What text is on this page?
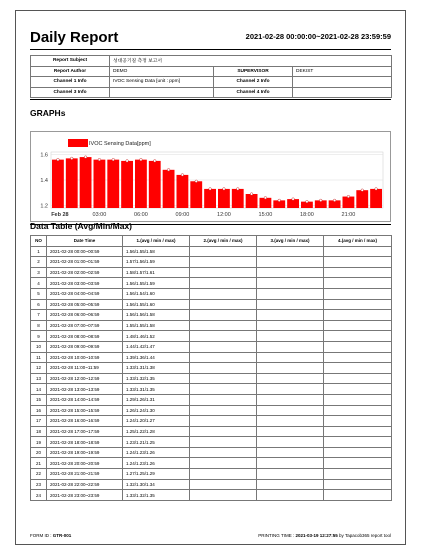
Daily Report	2021-02-28 00:00:00~2021-02-28 23:59:59
Report Subject	성대공기질 측정 보고서		
Report Author	DEMO	SUPERVISOR	DEKIST
Channel 1 Info	IVOC Sensing Data [unit : ppm]	Channel 2 Info	
Channel 3 Info		Channel 4 Info	
GRAPHs
1.6
1.4
1.2
Feb 28	03:00	06:00	09:00	12:00	15:00	18:00	21:00
IVOC Sensing Data[ppm]
Data Table (Avg/Min/Max)
NO	Date Time	1.(avg / min / max)	2.(avg / min / max)	3.(avg / min / max)	4.(avg / min / max)
1	2021-02-28 00:00~00:59	1.56/1.55/1.58			
2	2021-02-28 01:00~01:59	1.57/1.56/1.59			
3	2021-02-28 02:00~02:59	1.58/1.57/1.61			
4	2021-02-28 03:00~03:59	1.56/1.55/1.59			
5	2021-02-28 04:00~04:59	1.56/1.54/1.60			
6	2021-02-28 05:00~05:59	1.56/1.55/1.60			
7	2021-02-28 06:00~06:59	1.56/1.56/1.58			
8	2021-02-28 07:00~07:59	1.55/1.55/1.58			
9	2021-02-28 08:00~08:59	1.48/1.46/1.52			
10	2021-02-28 09:00~09:59	1.44/1.42/1.47			
11	2021-02-28 10:00~10:59	1.39/1.36/1.44			
12	2021-02-28 11:00~11:59	1.33/1.31/1.38			
13	2021-02-28 12:00~12:59	1.33/1.32/1.35			
14	2021-02-28 13:00~13:59	1.33/1.31/1.35			
15	2021-02-28 14:00~14:59	1.29/1.26/1.31			
16	2021-02-28 15:00~15:59	1.26/1.24/1.30			
17	2021-02-28 16:00~16:59	1.24/1.20/1.27			
18	2021-02-28 17:00~17:59	1.25/1.22/1.28			
19	2021-02-28 18:00~18:59	1.23/1.21/1.25			
20	2021-02-28 19:00~19:59	1.24/1.23/1.26			
21	2021-02-28 20:00~20:59	1.24/1.23/1.26			
22	2021-02-28 21:00~21:59	1.27/1.25/1.29			
23	2021-02-28 22:00~22:59	1.32/1.30/1.34			
24	2021-02-28 23:00~23:59	1.33/1.32/1.35			
FORM ID : GTR-001	PRINTING TIME : 2021-03-19 12:27:55 by Tapacob365 report tool
